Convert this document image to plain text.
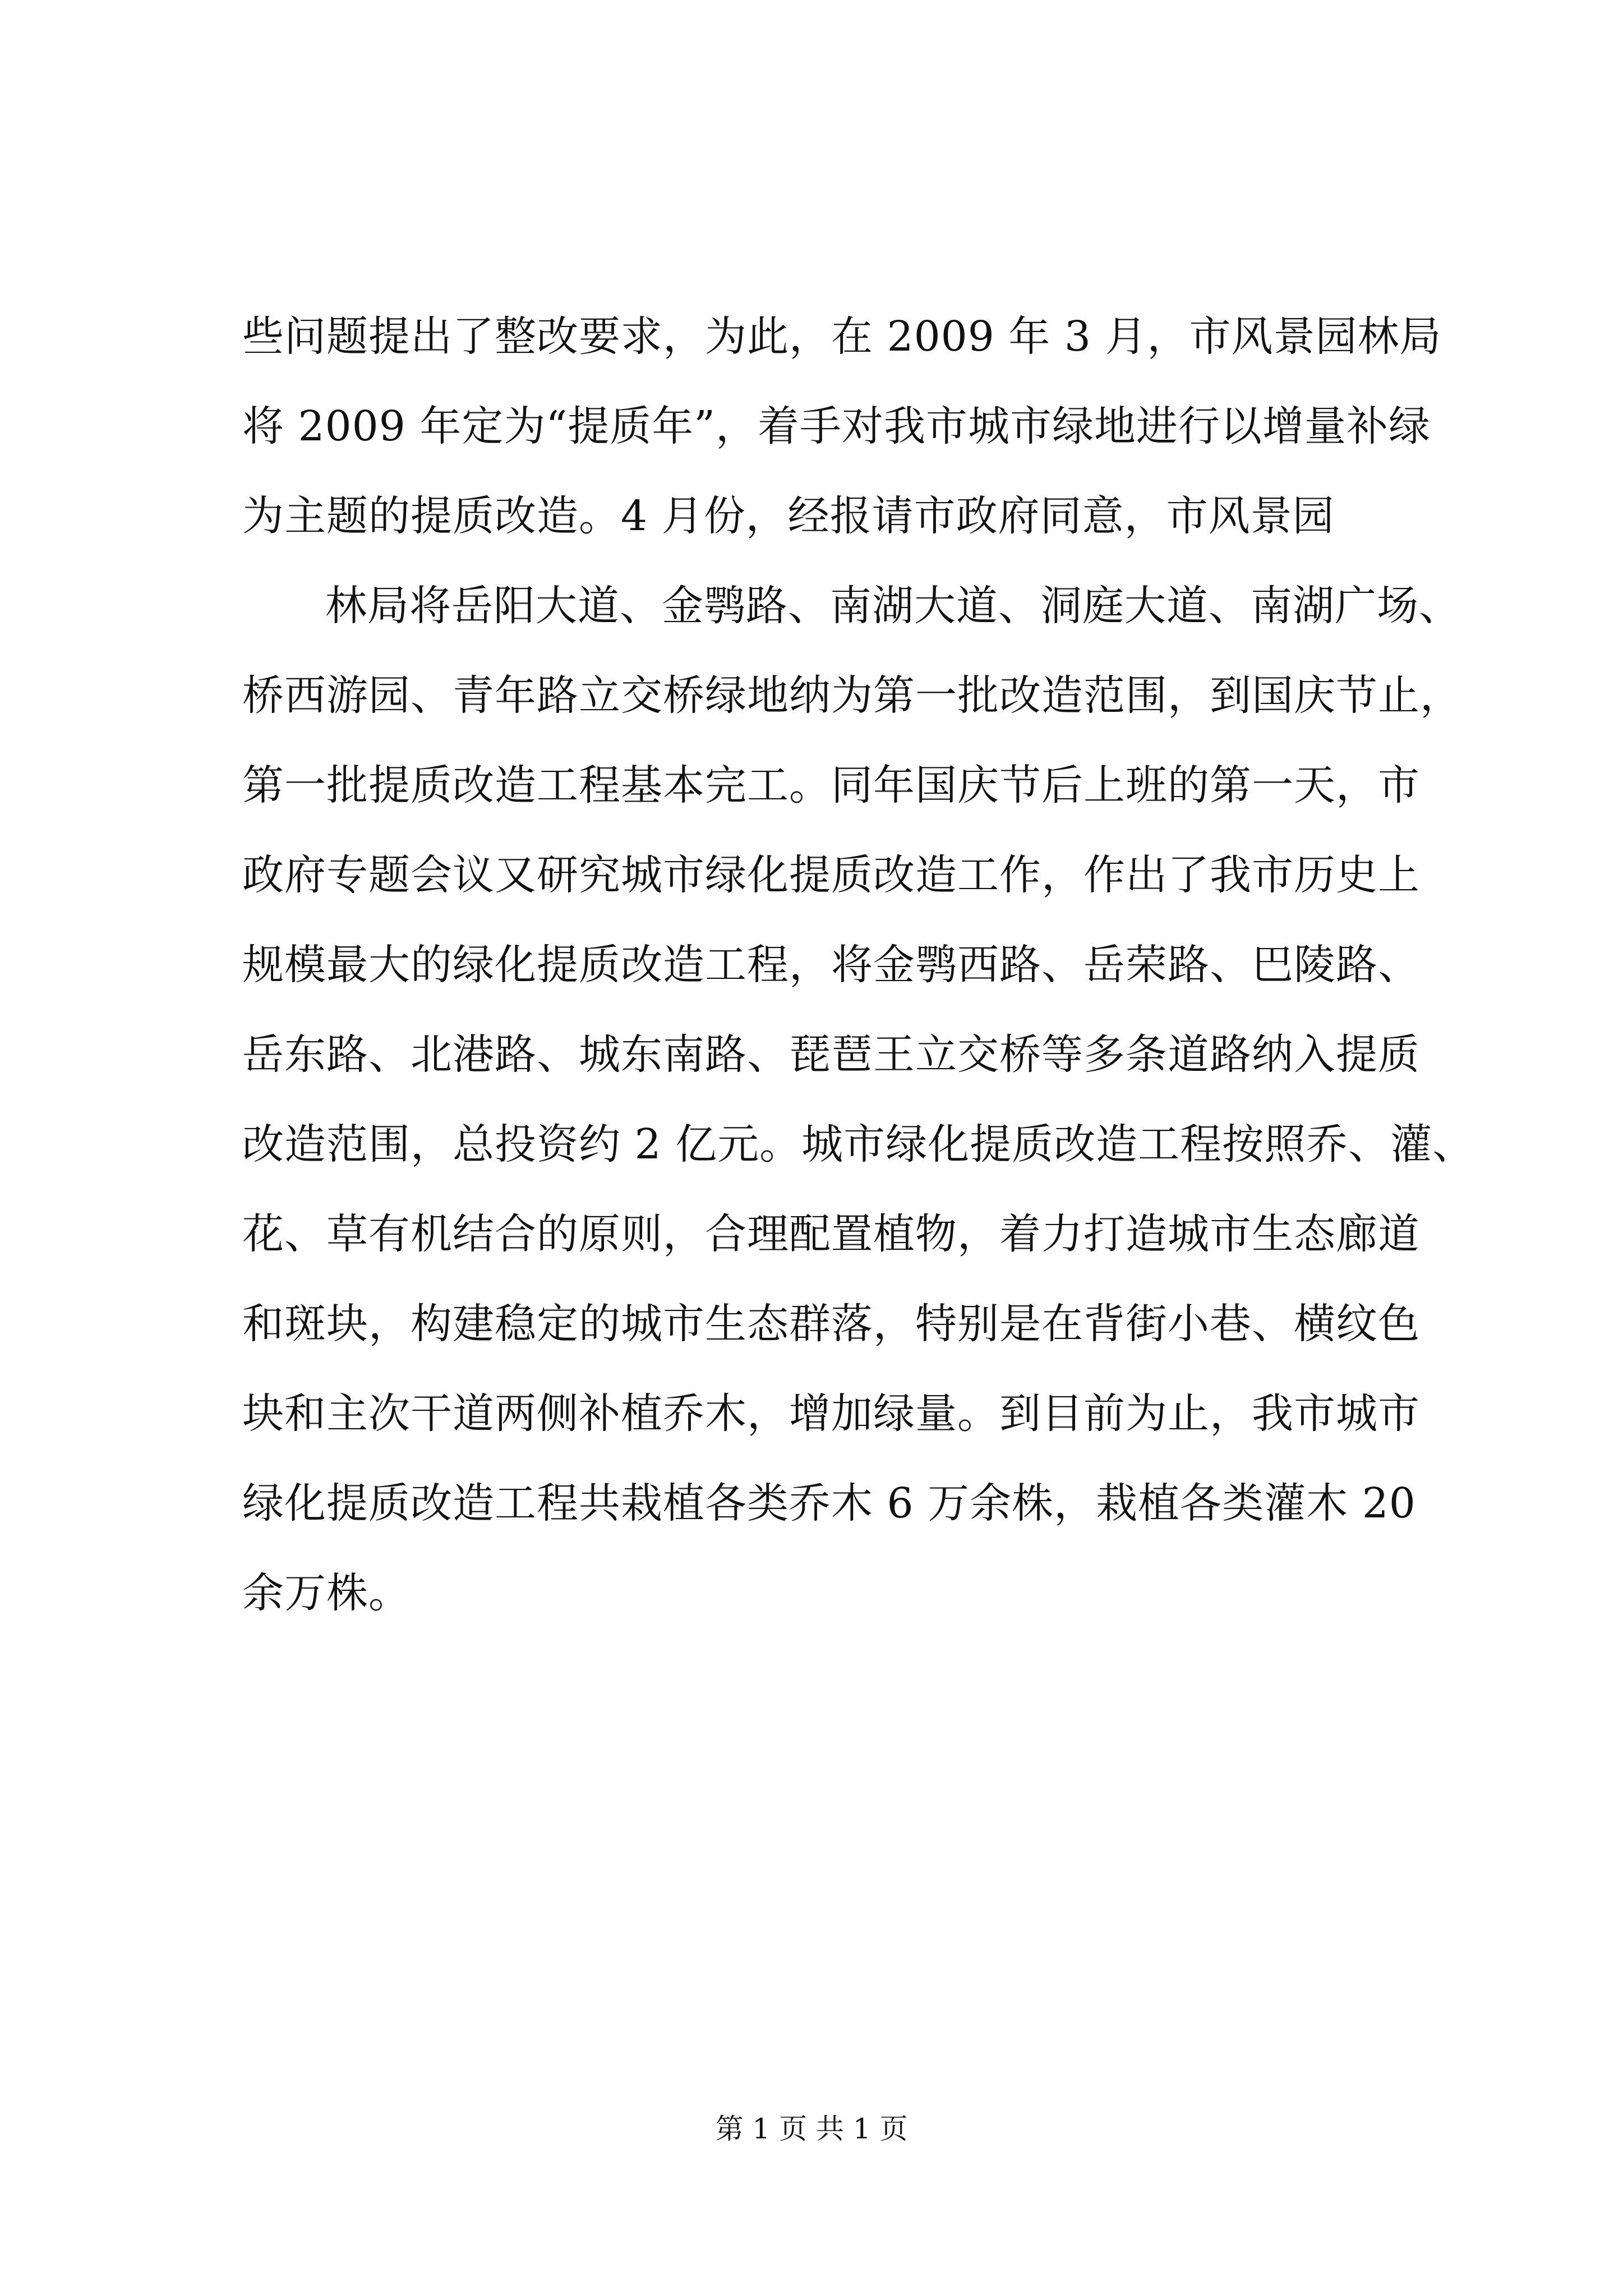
些问题提出了整改要求，为此，在 2009 年 3 月，市风景园林局
将 2009 年定为“提质年”，着手对我市城市绿地进行以增量补绿
为主题的提质改造。4 月份，经报请市政府同意，市风景园
林局将岳阳大道、金鹗路、南湖大道、洞庭大道、南湖广场、
桥西游园、青年路立交桥绿地纳为第一批改造范围，到国庆节止，
第一批提质改造工程基本完工。同年国庆节后上班的第一天，市
政府专题会议又研究城市绿化提质改造工作，作出了我市历史上
规模最大的绿化提质改造工程，将金鹗西路、岳荣路、巴陵路、
岳东路、北港路、城东南路、琵琶王立交桥等多条道路纳入提质
改造范围，总投资约 2 亿元。城市绿化提质改造工程按照乔、灌、
花、草有机结合的原则，合理配置植物，着力打造城市生态廊道
和斑块，构建稳定的城市生态群落，特别是在背街小巷、横纹色
块和主次干道两侧补植乔木，增加绿量。到目前为止，我市城市
绿化提质改造工程共栽植各类乔木 6 万余株，栽植各类灌木 20
余万株。
第 1 页 共 1 页
